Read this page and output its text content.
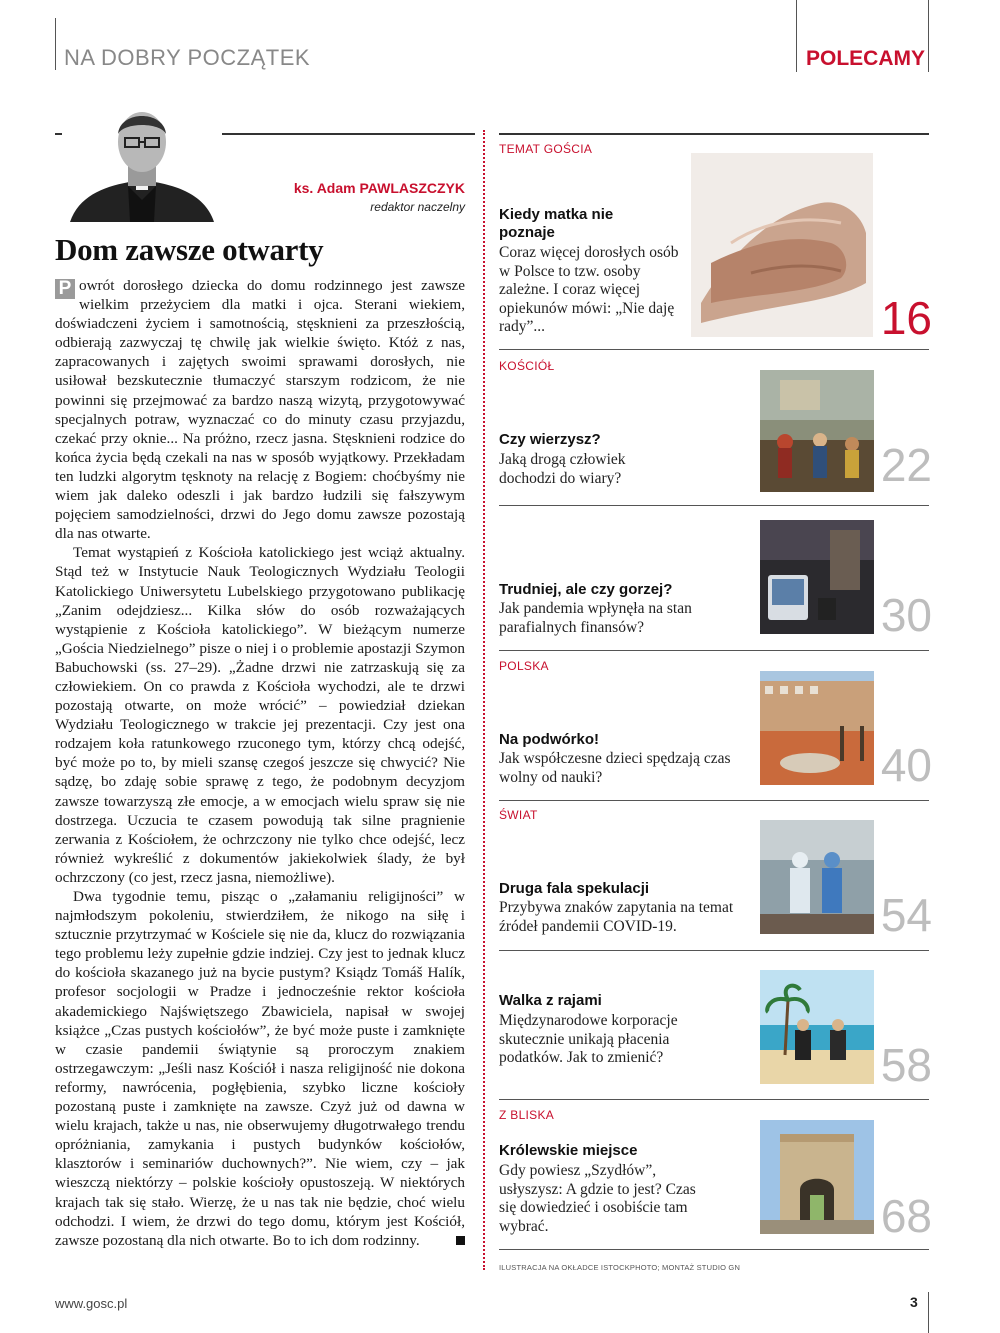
NA DOBRY POCZĄTEK	POLECAMY
ks. Adam PAWLASZCZYK
redaktor naczelny
Dom zawsze otwarty

P owrót dorosłego dziecka do domu rodzinnego jest zawsze wielkim przeżyciem dla matki i ojca. Sterani wiekiem, doświadczeni życiem i samotnością, stęsknieni za przeszłością, odbierają zazwyczaj tę chwilę jak wielkie święto. Któż z nas, zapracowanych i zajętych swoimi sprawami dorosłych, nie usiłował bezskutecznie tłumaczyć starszym rodzicom, że nie powinni się przejmować za bardzo naszą wizytą, przygotowywać specjalnych potraw, wyznaczać co do minuty czasu przyjazdu, czekać przy oknie... Na próżno, rzecz jasna. Stęsknieni rodzice do końca życia będą czekali na nas w sposób wyjątkowy. Przekładam ten ludzki algorytm tęsknoty na relację z Bogiem: choćbyśmy nie wiem jak daleko odeszli i jak bardzo łudzili się fałszywym pojęciem samodzielności, drzwi do Jego domu zawsze pozostają dla nas otwarte.

Temat wystąpień z Kościoła katolickiego jest wciąż aktualny. Stąd też w Instytucie Nauk Teologicznych Wydziału Teologii Katolickiego Uniwersytetu Lubelskiego przygotowano publikację „Zanim odejdziesz... Kilka słów do osób rozważających wystąpienie z Kościoła katolickiego”. W bieżącym numerze „Gościa Niedzielnego” pisze o niej i o problemie apostazji Szymon Babuchowski (ss. 27–29). „Żadne drzwi nie zatrzaskują się za człowiekiem. On co prawda z Kościoła wychodzi, ale te drzwi pozostają otwarte, on może wrócić” – powiedział dziekan Wydziału Teologicznego w trakcie jej prezentacji. Czy jest ona rodzajem koła ratunkowego rzuconego tym, którzy chcą odejść, być może po to, by mieli szansę czegoś jeszcze się chwycić? Nie sądzę, bo zdaję sobie sprawę z tego, że podobnym decyzjom zawsze towarzyszą złe emocje, a w emocjach wielu spraw się nie dostrzega. Uczucia te czasem powodują tak silne pragnienie zerwania z Kościołem, że ochrzczony nie tylko chce odejść, lecz również wykreślić z dokumentów jakiekolwiek ślady, że był ochrzczony (co jest, rzecz jasna, niemożliwe).

Dwa tygodnie temu, pisząc o „załamaniu religijności” w najmłodszym pokoleniu, stwierdziłem, że nikogo na siłę i sztucznie przytrzymać w Kościele się nie da, klucz do rozwiązania tego problemu leży zupełnie gdzie indziej. Czy jest to jednak klucz do kościoła skazanego już na bycie pustym? Ksiądz Tomáš Halík, profesor socjologii w Pradze i jednocześnie rektor kościoła akademickiego Najświętszego Zbawiciela, napisał w swojej książce „Czas pustych kościołów”, że być może puste i zamknięte w czasie pandemii świątynie są proroczym znakiem ostrzegawczym: „Jeśli nasz Kościół i nasza religijność nie dokona reformy, nawrócenia, pogłębienia, szybko liczne kościoły pozostaną puste i zamknięte na zawsze. Czyż już od dawna w wielu krajach, także u nas, nie obserwujemy długotrwałego trendu opróżniania, zamykania i pustych budynków kościołów, klasztorów i seminariów duchownych?”. Nie wiem, czy – jak wieszczą niektórzy – polskie kościoły opustoszeją. W niektórych krajach tak się stało. Wierzę, że u nas tak nie będzie, choć wielu odchodzi. I wiem, że drzwi do tego domu, którym jest Kościół, zawsze pozostaną dla nich otwarte. Bo to ich dom rodzinny.

TEMAT GOŚCIA
Kiedy matka nie poznaje
Coraz więcej dorosłych osób w Polsce to tzw. osoby zależne. I coraz więcej opiekunów mówi: „Nie daję rady”...	16
KOŚCIÓŁ
Czy wierzysz?
Jaką drogą człowiek dochodzi do wiary?	22
Trudniej, ale czy gorzej?
Jak pandemia wpłynęła na stan parafialnych finansów?	30
POLSKA
Na podwórko!
Jak współczesne dzieci spędzają czas wolny od nauki?	40
ŚWIAT
Druga fala spekulacji
Przybywa znaków zapytania na temat źródeł pandemii COVID-19.	54
Walka z rajami
Międzynarodowe korporacje skutecznie unikają płacenia podatków. Jak to zmienić?	58
Z BLISKA
Królewskie miejsce
Gdy powiesz „Szydłów”, usłyszysz: A gdzie to jest? Czas się dowiedzieć i osobiście tam wybrać.	68
ILUSTRACJA NA OKŁADCE ISTOCKPHOTO; MONTAŻ STUDIO GN
www.gosc.pl	3
